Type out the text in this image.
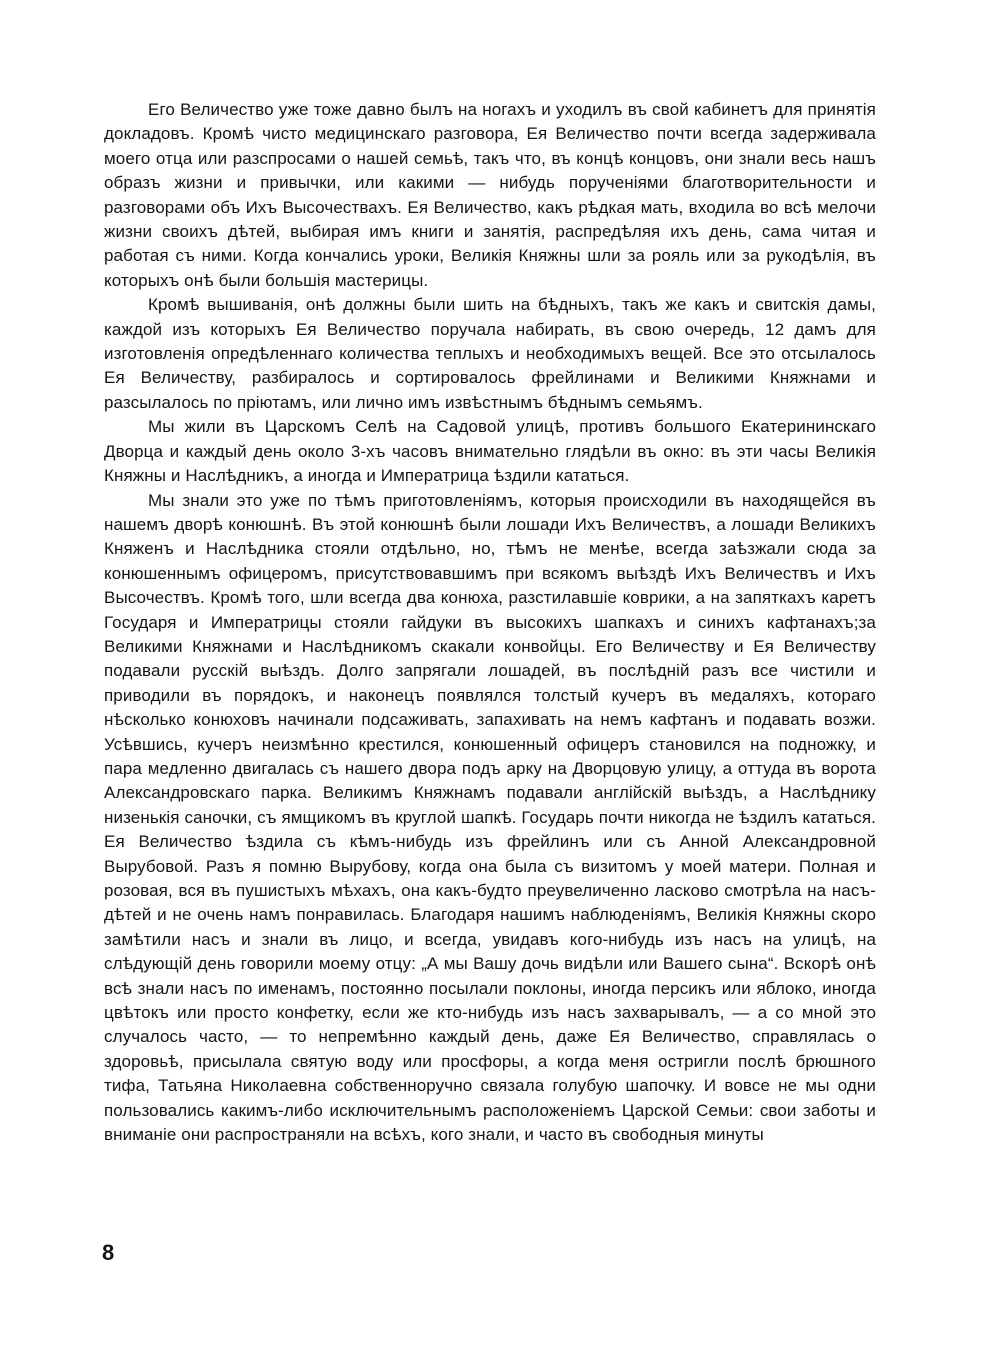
Его Величество уже тоже давно былъ на ногахъ и уходилъ въ свой кабинетъ для принятія докладовъ. Кромѣ чисто медицинскаго разговора, Ея Величество почти всегда задерживала моего отца или разспросами о нашей семьѣ, такъ что, въ концѣ концовъ, они знали весь нашъ образъ жизни и привычки, или какими — нибудь порученіями благотворительности и разговорами объ Ихъ Высочествахъ. Ея Величество, какъ рѣдкая мать, входила во всѣ мелочи жизни своихъ дѣтей, выбирая имъ книги и занятія, распредѣляя ихъ день, сама читая и работая съ ними. Когда кончались уроки, Великія Княжны шли за рояль или за рукодѣлія, въ которыхъ онѣ были большія мастерицы.

Кромѣ вышиванія, онѣ должны были шить на бѣдныхъ, такъ же какъ и свитскія дамы, каждой изъ которыхъ Ея Величество поручала набирать, въ свою очередь, 12 дамъ для изготовленія опредѣленнаго количества теплыхъ и необходимыхъ вещей. Все это отсылалось Ея Величеству, разбиралось и сортировалось фрейлинами и Великими Княжнами и разсылалось по пріютамъ, или лично имъ извѣстнымъ бѣднымъ семьямъ.

Мы жили въ Царскомъ Селѣ на Садовой улицѣ, противъ большого Екатерининскаго Дворца и каждый день около 3-хъ часовъ внимательно глядѣли въ окно: въ эти часы Великія Княжны и Наслѣдникъ, а иногда и Императрица ѣздили кататься.

Мы знали это уже по тѣмъ приготовленіямъ, которыя происходили въ находящейся въ нашемъ дворѣ конюшнѣ. Въ этой конюшнѣ были лошади Ихъ Величествъ, а лошади Великихъ Княженъ и Наслѣдника стояли отдѣльно, но, тѣмъ не менѣе, всегда заѣзжали сюда за конюшеннымъ офицеромъ, присутствовавшимъ при всякомъ выѣздѣ Ихъ Величествъ и Ихъ Высочествъ. Кромѣ того, шли всегда два конюха, разстилавшіе коврики, а на запяткахъ каретъ Государя и Императрицы стояли гайдуки въ высокихъ шапкахъ и синихъ кафтанахъ;за Великими Княжнами и Наслѣдникомъ скакали конвойцы. Его Величеству и Ея Величеству подавали русскій выѣздъ. Долго запрягали лошадей, въ послѣдній разъ все чистили и приводили въ порядокъ, и наконецъ появлялся толстый кучеръ въ медаляхъ, котораго нѣсколько конюховъ начинали подсаживать, запахивать на немъ кафтанъ и подавать возжи. Усѣвшись, кучеръ неизмѣнно крестился, конюшенный офицеръ становился на подножку, и пара медленно двигалась съ нашего двора подъ арку на Дворцовую улицу, а оттуда въ ворота Александровскаго парка. Великимъ Княжнамъ подавали англійскій выѣздъ, а Наслѣднику низенькія саночки, съ ямщикомъ въ круглой шапкѣ. Государь почти никогда не ѣздилъ кататься. Ея Величество ѣздила съ кѣмъ-нибудь изъ фрейлинъ или съ Анной Александровной Вырубовой. Разъ я помню Вырубову, когда она была съ визитомъ у моей матери. Полная и розовая, вся въ пушистыхъ мѣхахъ, она какъ-будто преувеличенно ласково смотрѣла на насъ-дѣтей и не очень намъ понравилась. Благодаря нашимъ наблюденіямъ, Великія Княжны скоро замѣтили насъ и знали въ лицо, и всегда, увидавъ кого-нибудь изъ насъ на улицѣ, на слѣдующій день говорили моему отцу: „А мы Вашу дочь видѣли или Вашего сына“. Вскорѣ онѣ всѣ знали насъ по именамъ, постоянно посылали поклоны, иногда персикъ или яблоко, иногда цвѣтокъ или просто конфетку, если же кто-нибудь изъ насъ захварывалъ, — а со мной это случалось часто, — то непремѣнно каждый день, даже Ея Величество, справлялась о здоровьѣ, присылала святую воду или просфоры, а когда меня остригли послѣ брюшного тифа, Татьяна Николаевна собственноручно связала голубую шапочку. И вовсе не мы одни пользовались какимъ-либо исключительнымъ расположеніемъ Царской Семьи: свои заботы и вниманіе они распространяли на всѣхъ, кого знали, и часто въ свободныя минуты

8
